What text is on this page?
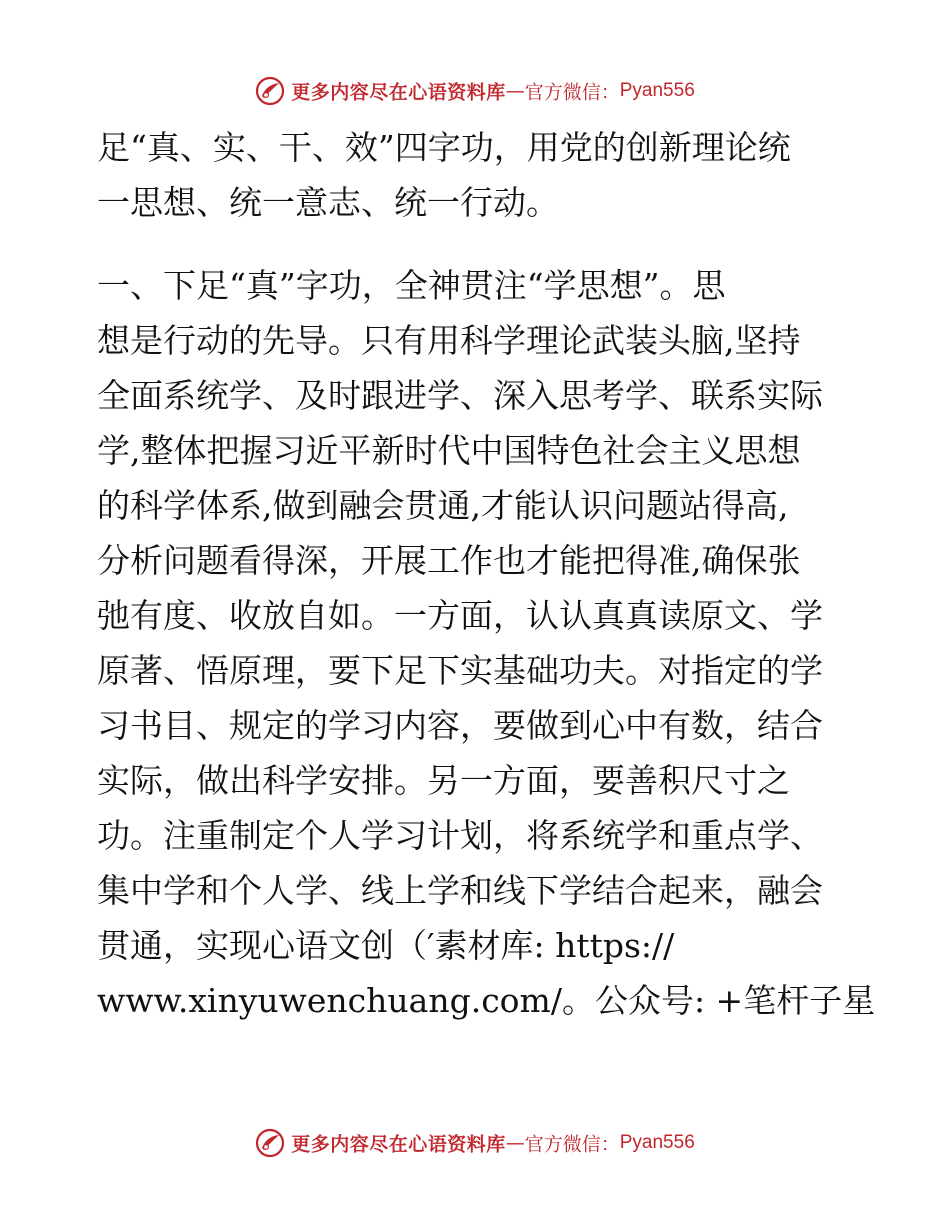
更多内容尽在心语资料库—官方微信：Pyan556
足“真、实、干、效”四字功，用党的创新理论统
一思想、统一意志、统一行动。
一、下足“真”字功，全神贯注“学思想”。思
想是行动的先导。只有用科学理论武装头脑,坚持
全面系统学、及时跟进学、深入思考学、联系实际
学,整体把握习近平新时代中国特色社会主义思想
的科学体系,做到融会贯通,才能认识问题站得高,
分析问题看得深，开展工作也才能把得准,确保张
弛有度、收放自如。一方面，认认真真读原文、学
原著、悟原理，要下足下实基础功夫。对指定的学
习书目、规定的学习内容，要做到心中有数，结合
实际，做出科学安排。另一方面，要善积尺寸之
功。注重制定个人学习计划，将系统学和重点学、
集中学和个人学、线上学和线下学结合起来，融会
贯通，实现心语文创（′素材库: https://
www.xinyuwenchuang.com/。公众号: +笔杆子星
更多内容尽在心语资料库—官方微信：Pyan556
